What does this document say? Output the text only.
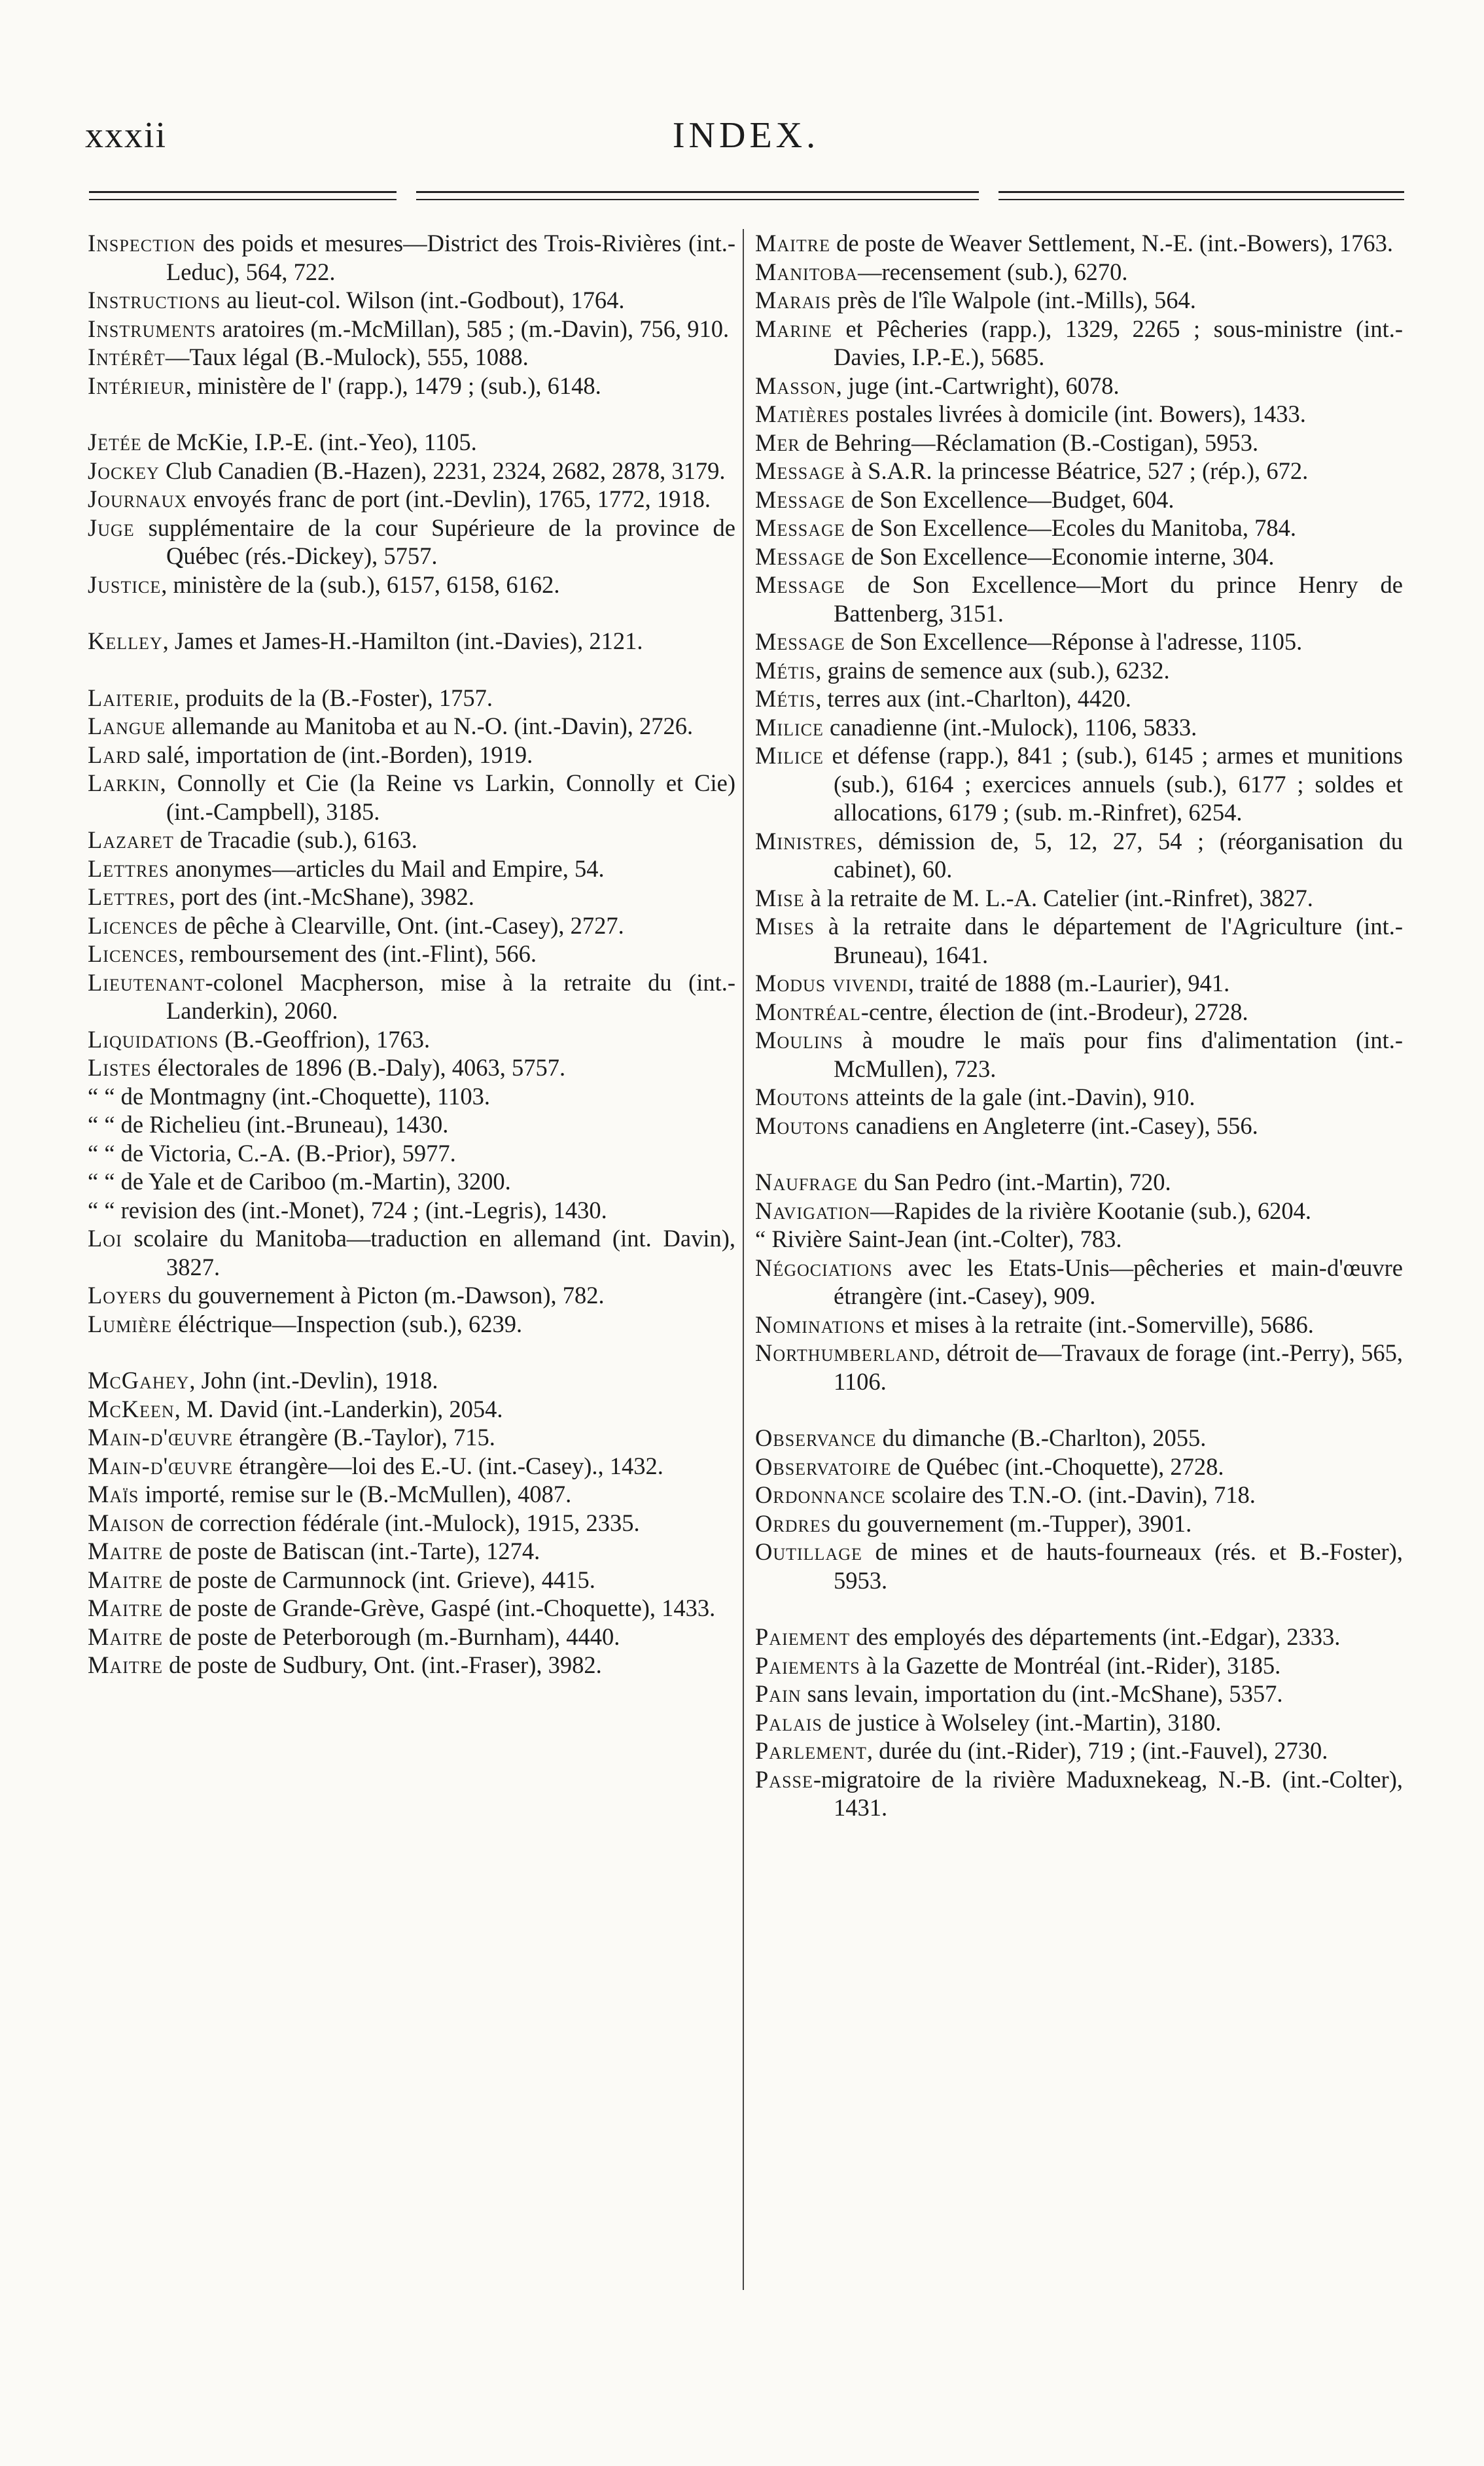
xxxii	INDEX.

Inspection des poids et mesures—District des Trois-Rivières (int.-Leduc), 564, 722.

Instructions au lieut-col. Wilson (int.-Godbout), 1764.

Instruments aratoires (m.-McMillan), 585 ; (m.-Davin), 756, 910.

Intérêt—Taux légal (B.-Mulock), 555, 1088.

Intérieur, ministère de l' (rapp.), 1479 ; (sub.), 6148.

Jetée de McKie, I.P.-E. (int.-Yeo), 1105.

Jockey Club Canadien (B.-Hazen), 2231, 2324, 2682, 2878, 3179.

Journaux envoyés franc de port (int.-Devlin), 1765, 1772, 1918.

Juge supplémentaire de la cour Supérieure de la province de Québec (rés.-Dickey), 5757.

Justice, ministère de la (sub.), 6157, 6158, 6162.

Kelley, James et James-H.-Hamilton (int.-Davies), 2121.

Laiterie, produits de la (B.-Foster), 1757.

Langue allemande au Manitoba et au N.-O. (int.-Davin), 2726.

Lard salé, importation de (int.-Borden), 1919.

Larkin, Connolly et Cie (la Reine vs Larkin, Connolly et Cie) (int.-Campbell), 3185.

Lazaret de Tracadie (sub.), 6163.

Lettres anonymes—articles du Mail and Empire, 54.

Lettres, port des (int.-McShane), 3982.

Licences de pêche à Clearville, Ont. (int.-Casey), 2727.

Licences, remboursement des (int.-Flint), 566.

Lieutenant-colonel Macpherson, mise à la retraite du (int.-Landerkin), 2060.

Liquidations (B.-Geoffrion), 1763.

Listes électorales de 1896 (B.-Daly), 4063, 5757.

“ “ de Montmagny (int.-Choquette), 1103.

“ “ de Richelieu (int.-Bruneau), 1430.

“ “ de Victoria, C.-A. (B.-Prior), 5977.

“ “ de Yale et de Cariboo (m.-Martin), 3200.

“ “ revision des (int.-Monet), 724 ; (int.-Legris), 1430.

Loi scolaire du Manitoba—traduction en allemand (int. Davin), 3827.

Loyers du gouvernement à Picton (m.-Dawson), 782.

Lumière éléctrique—Inspection (sub.), 6239.

McGahey, John (int.-Devlin), 1918.

McKeen, M. David (int.-Landerkin), 2054.

Main-d'œuvre étrangère (B.-Taylor), 715.

Main-d'œuvre étrangère—loi des E.-U. (int.-Casey)., 1432.

Maïs importé, remise sur le (B.-McMullen), 4087.

Maison de correction fédérale (int.-Mulock), 1915, 2335.

Maitre de poste de Batiscan (int.-Tarte), 1274.

Maitre de poste de Carmunnock (int. Grieve), 4415.

Maitre de poste de Grande-Grève, Gaspé (int.-Choquette), 1433.

Maitre de poste de Peterborough (m.-Burnham), 4440.

Maitre de poste de Sudbury, Ont. (int.-Fraser), 3982.

Maitre de poste de Weaver Settlement, N.-E. (int.-Bowers), 1763.

Manitoba—recensement (sub.), 6270.

Marais près de l'île Walpole (int.-Mills), 564.

Marine et Pêcheries (rapp.), 1329, 2265 ; sous-ministre (int.-Davies, I.P.-E.), 5685.

Masson, juge (int.-Cartwright), 6078.

Matières postales livrées à domicile (int. Bowers), 1433.

Mer de Behring—Réclamation (B.-Costigan), 5953.

Message à S.A.R. la princesse Béatrice, 527 ; (rép.), 672.

Message de Son Excellence—Budget, 604.

Message de Son Excellence—Ecoles du Manitoba, 784.

Message de Son Excellence—Economie interne, 304.

Message de Son Excellence—Mort du prince Henry de Battenberg, 3151.

Message de Son Excellence—Réponse à l'adresse, 1105.

Métis, grains de semence aux (sub.), 6232.

Métis, terres aux (int.-Charlton), 4420.

Milice canadienne (int.-Mulock), 1106, 5833.

Milice et défense (rapp.), 841 ; (sub.), 6145 ; armes et munitions (sub.), 6164 ; exercices annuels (sub.), 6177 ; soldes et allocations, 6179 ; (sub. m.-Rinfret), 6254.

Ministres, démission de, 5, 12, 27, 54 ; (réorganisation du cabinet), 60.

Mise à la retraite de M. L.-A. Catelier (int.-Rinfret), 3827.

Mises à la retraite dans le département de l'Agriculture (int.-Bruneau), 1641.

Modus vivendi, traité de 1888 (m.-Laurier), 941.

Montréal-centre, élection de (int.-Brodeur), 2728.

Moulins à moudre le maïs pour fins d'alimentation (int.-McMullen), 723.

Moutons atteints de la gale (int.-Davin), 910.

Moutons canadiens en Angleterre (int.-Casey), 556.

Naufrage du San Pedro (int.-Martin), 720.

Navigation—Rapides de la rivière Kootanie (sub.), 6204.

“ Rivière Saint-Jean (int.-Colter), 783.

Négociations avec les Etats-Unis—pêcheries et main-d'œuvre étrangère (int.-Casey), 909.

Nominations et mises à la retraite (int.-Somerville), 5686.

Northumberland, détroit de—Travaux de forage (int.-Perry), 565, 1106.

Observance du dimanche (B.-Charlton), 2055.

Observatoire de Québec (int.-Choquette), 2728.

Ordonnance scolaire des T.N.-O. (int.-Davin), 718.

Ordres du gouvernement (m.-Tupper), 3901.

Outillage de mines et de hauts-fourneaux (rés. et B.-Foster), 5953.

Paiement des employés des départements (int.-Edgar), 2333.

Paiements à la Gazette de Montréal (int.-Rider), 3185.

Pain sans levain, importation du (int.-McShane), 5357.

Palais de justice à Wolseley (int.-Martin), 3180.

Parlement, durée du (int.-Rider), 719 ; (int.-Fauvel), 2730.

Passe-migratoire de la rivière Maduxnekeag, N.-B. (int.-Colter), 1431.
